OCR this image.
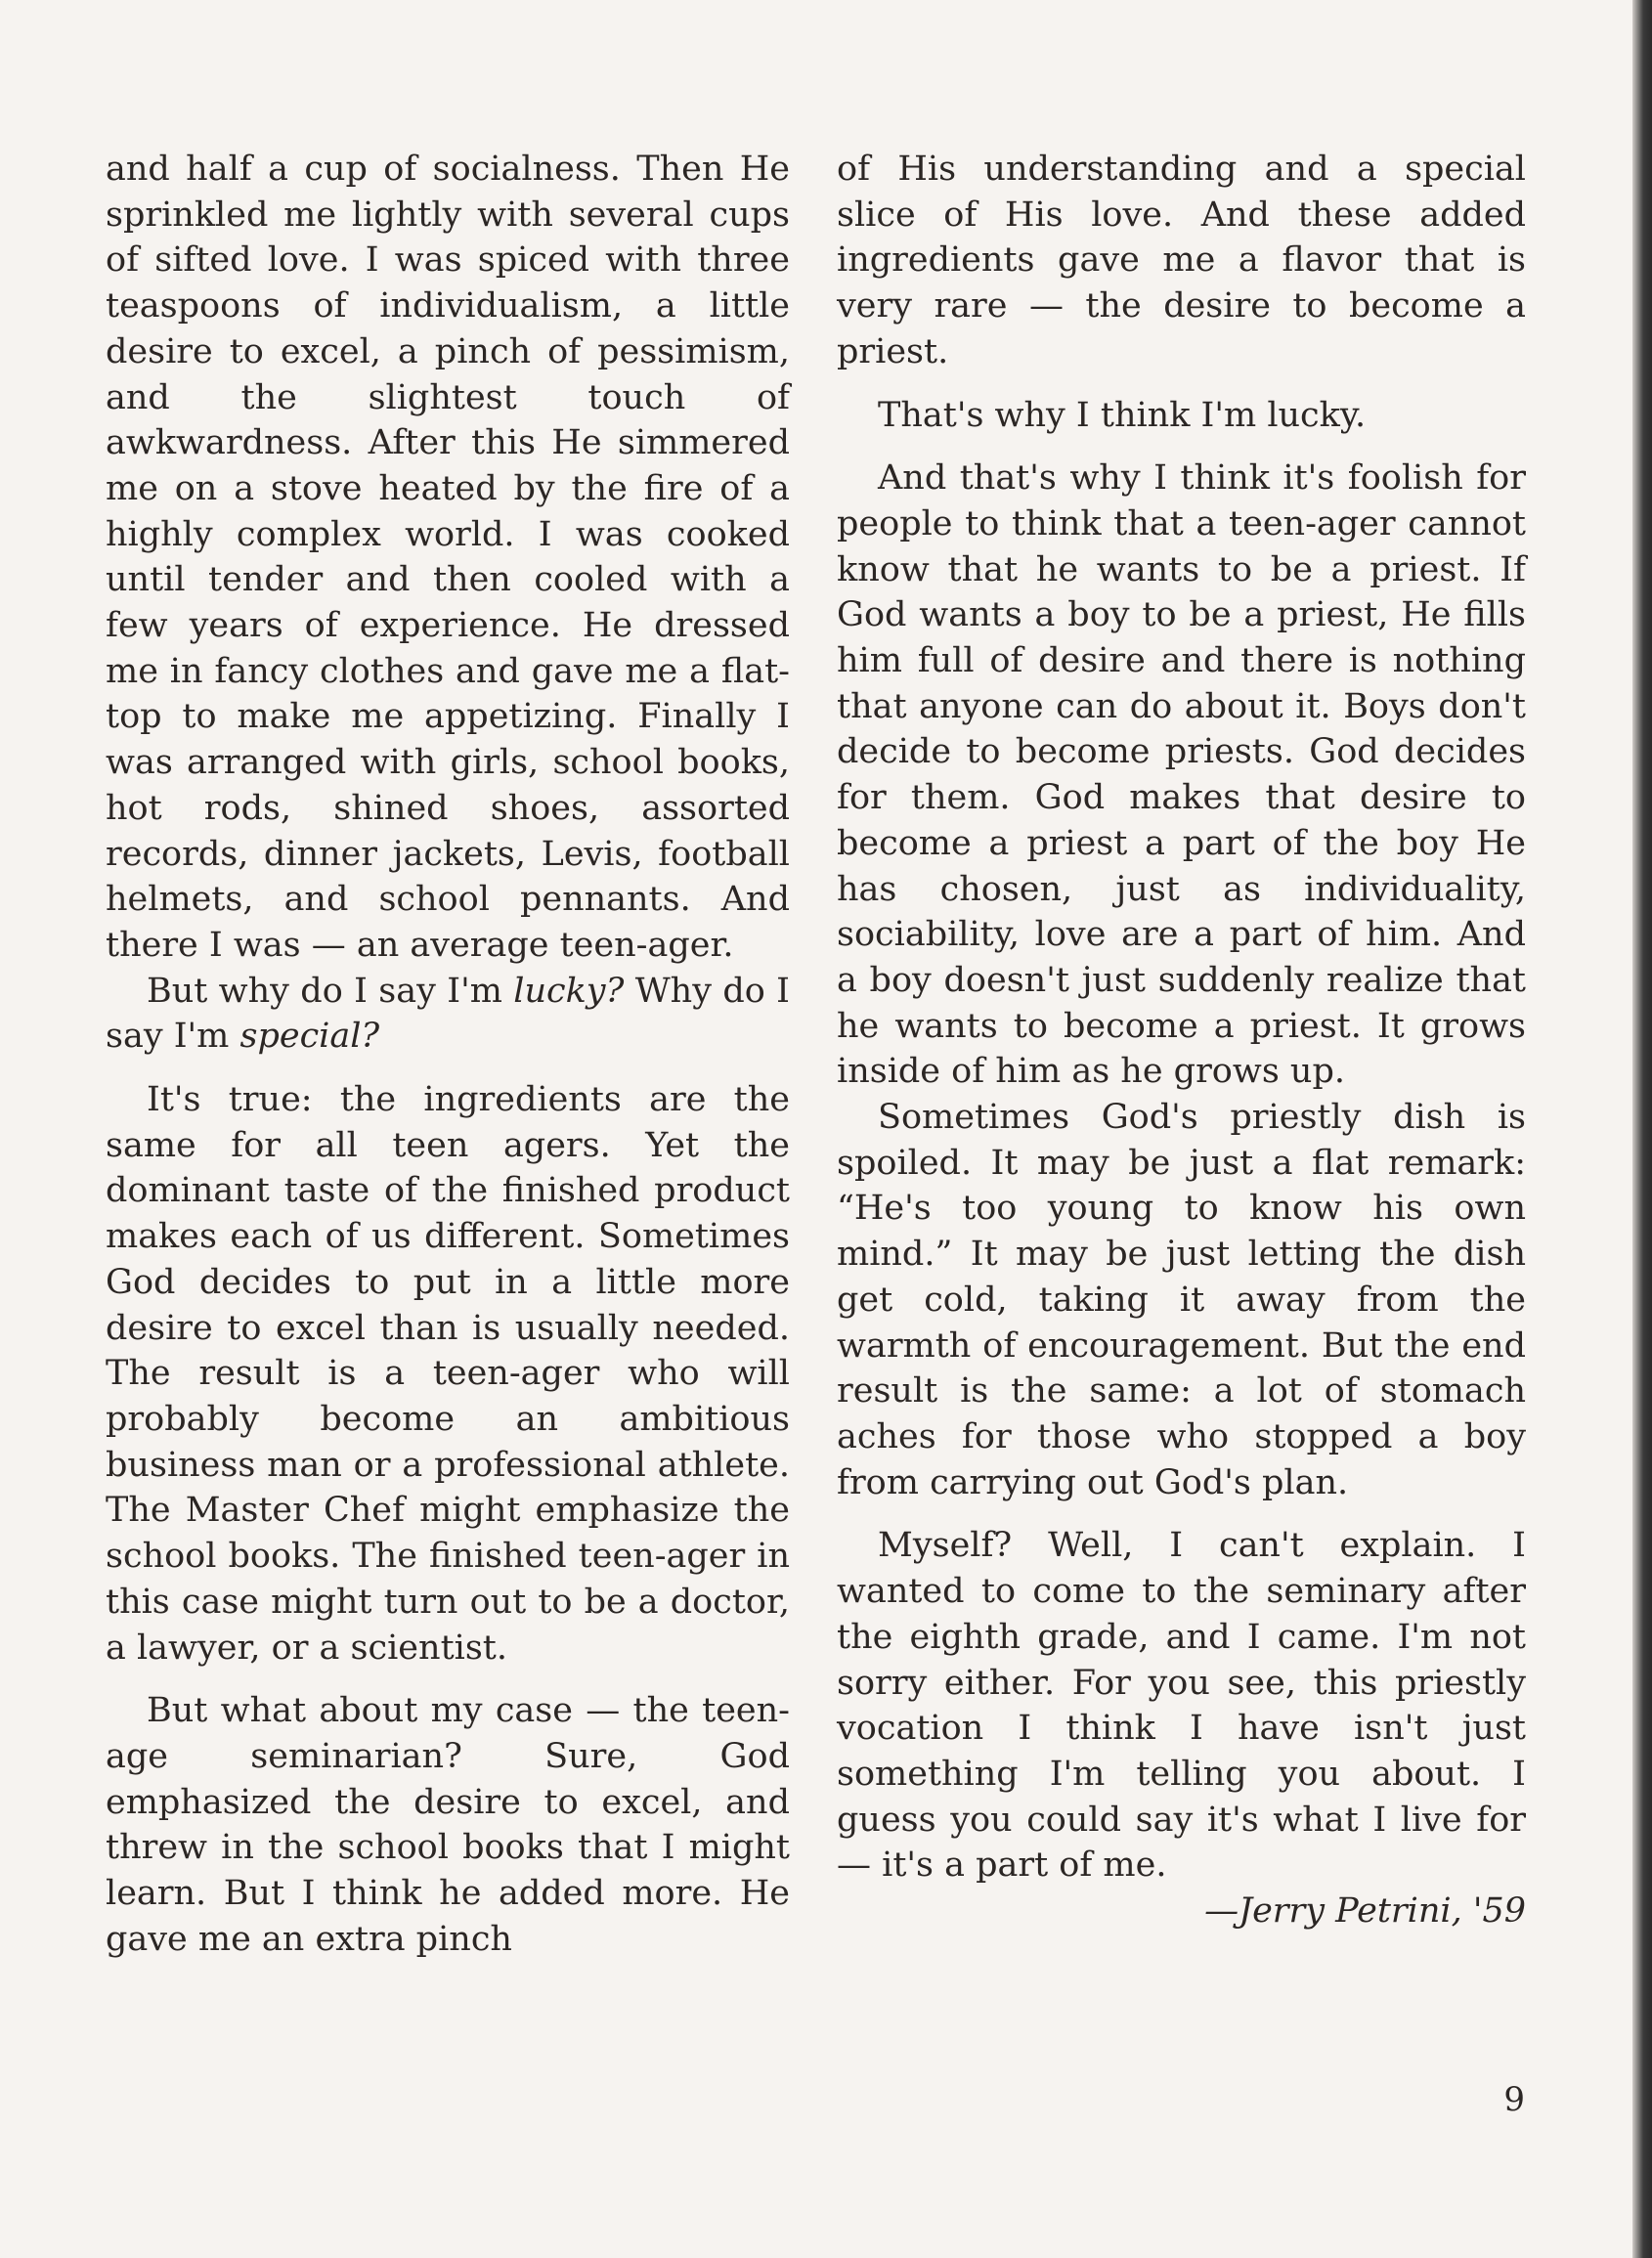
and half a cup of socialness. Then He sprinkled me lightly with several cups of sifted love. I was spiced with three teaspoons of individualism, a little desire to excel, a pinch of pessimism, and the slightest touch of awkwardness. After this He simmered me on a stove heated by the fire of a highly complex world. I was cooked until tender and then cooled with a few years of experience. He dressed me in fancy clothes and gave me a flat-top to make me appetizing. Finally I was arranged with girls, school books, hot rods, shined shoes, assorted records, dinner jackets, Levis, football helmets, and school pennants. And there I was — an average teen-ager.

But why do I say I'm lucky? Why do I say I'm special?

It's true: the ingredients are the same for all teen agers. Yet the dominant taste of the finished product makes each of us different. Sometimes God decides to put in a little more desire to excel than is usually needed. The result is a teen-ager who will probably become an ambitious business man or a professional athlete. The Master Chef might emphasize the school books. The finished teen-ager in this case might turn out to be a doctor, a lawyer, or a scientist.

But what about my case — the teen-age seminarian? Sure, God emphasized the desire to excel, and threw in the school books that I might learn. But I think he added more. He gave me an extra pinch

of His understanding and a special slice of His love. And these added ingredients gave me a flavor that is very rare — the desire to become a priest.

That's why I think I'm lucky.

And that's why I think it's foolish for people to think that a teen-ager cannot know that he wants to be a priest. If God wants a boy to be a priest, He fills him full of desire and there is nothing that anyone can do about it. Boys don't decide to become priests. God decides for them. God makes that desire to become a priest a part of the boy He has chosen, just as individuality, sociability, love are a part of him. And a boy doesn't just suddenly realize that he wants to become a priest. It grows inside of him as he grows up.

Sometimes God's priestly dish is spoiled. It may be just a flat remark: “He's too young to know his own mind.” It may be just letting the dish get cold, taking it away from the warmth of encouragement. But the end result is the same: a lot of stomach aches for those who stopped a boy from carrying out God's plan.

Myself? Well, I can't explain. I wanted to come to the seminary after the eighth grade, and I came. I'm not sorry either. For you see, this priestly vocation I think I have isn't just something I'm telling you about. I guess you could say it's what I live for — it's a part of me.

—Jerry Petrini, '59

9
